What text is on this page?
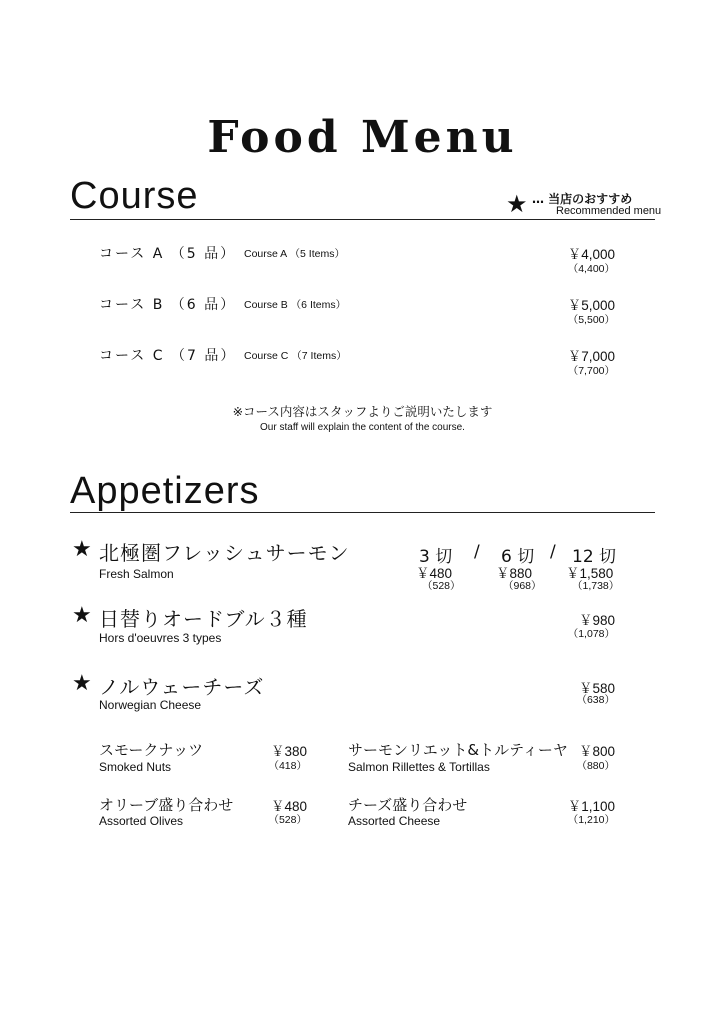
Food Menu
Course	★ … 当店のおすすめ
Recommended menu
コース A （5 品） Course A （5 Items）	￥4,000
（4,400）
コース B （6 品） Course B （6 Items）	￥5,000
（5,500）
コース C （7 品） Course C （7 Items）	￥7,000
（7,700）
※コース内容はスタッフよりご説明いたします
Our staff will explain the content of the course.
Appetizers
★ 北極圏フレッシュサーモン
Fresh Salmon
3 切 / 6 切 / 12 切
￥480	￥880	￥1,580
（528）	（968）	（1,738）
★ 日替りオードブル３種
Hors d'oeuvres 3 types
￥980
（1,078）
★ ノルウェーチーズ
Norwegian Cheese
￥580
（638）
スモークナッツ
Smoked Nuts
￥380
（418）
サーモンリエット&トルティーヤ
Salmon Rillettes & Tortillas
￥800
（880）
オリーブ盛り合わせ
Assorted Olives
￥480
（528）
チーズ盛り合わせ
Assorted Cheese
￥1,100
（1,210）
